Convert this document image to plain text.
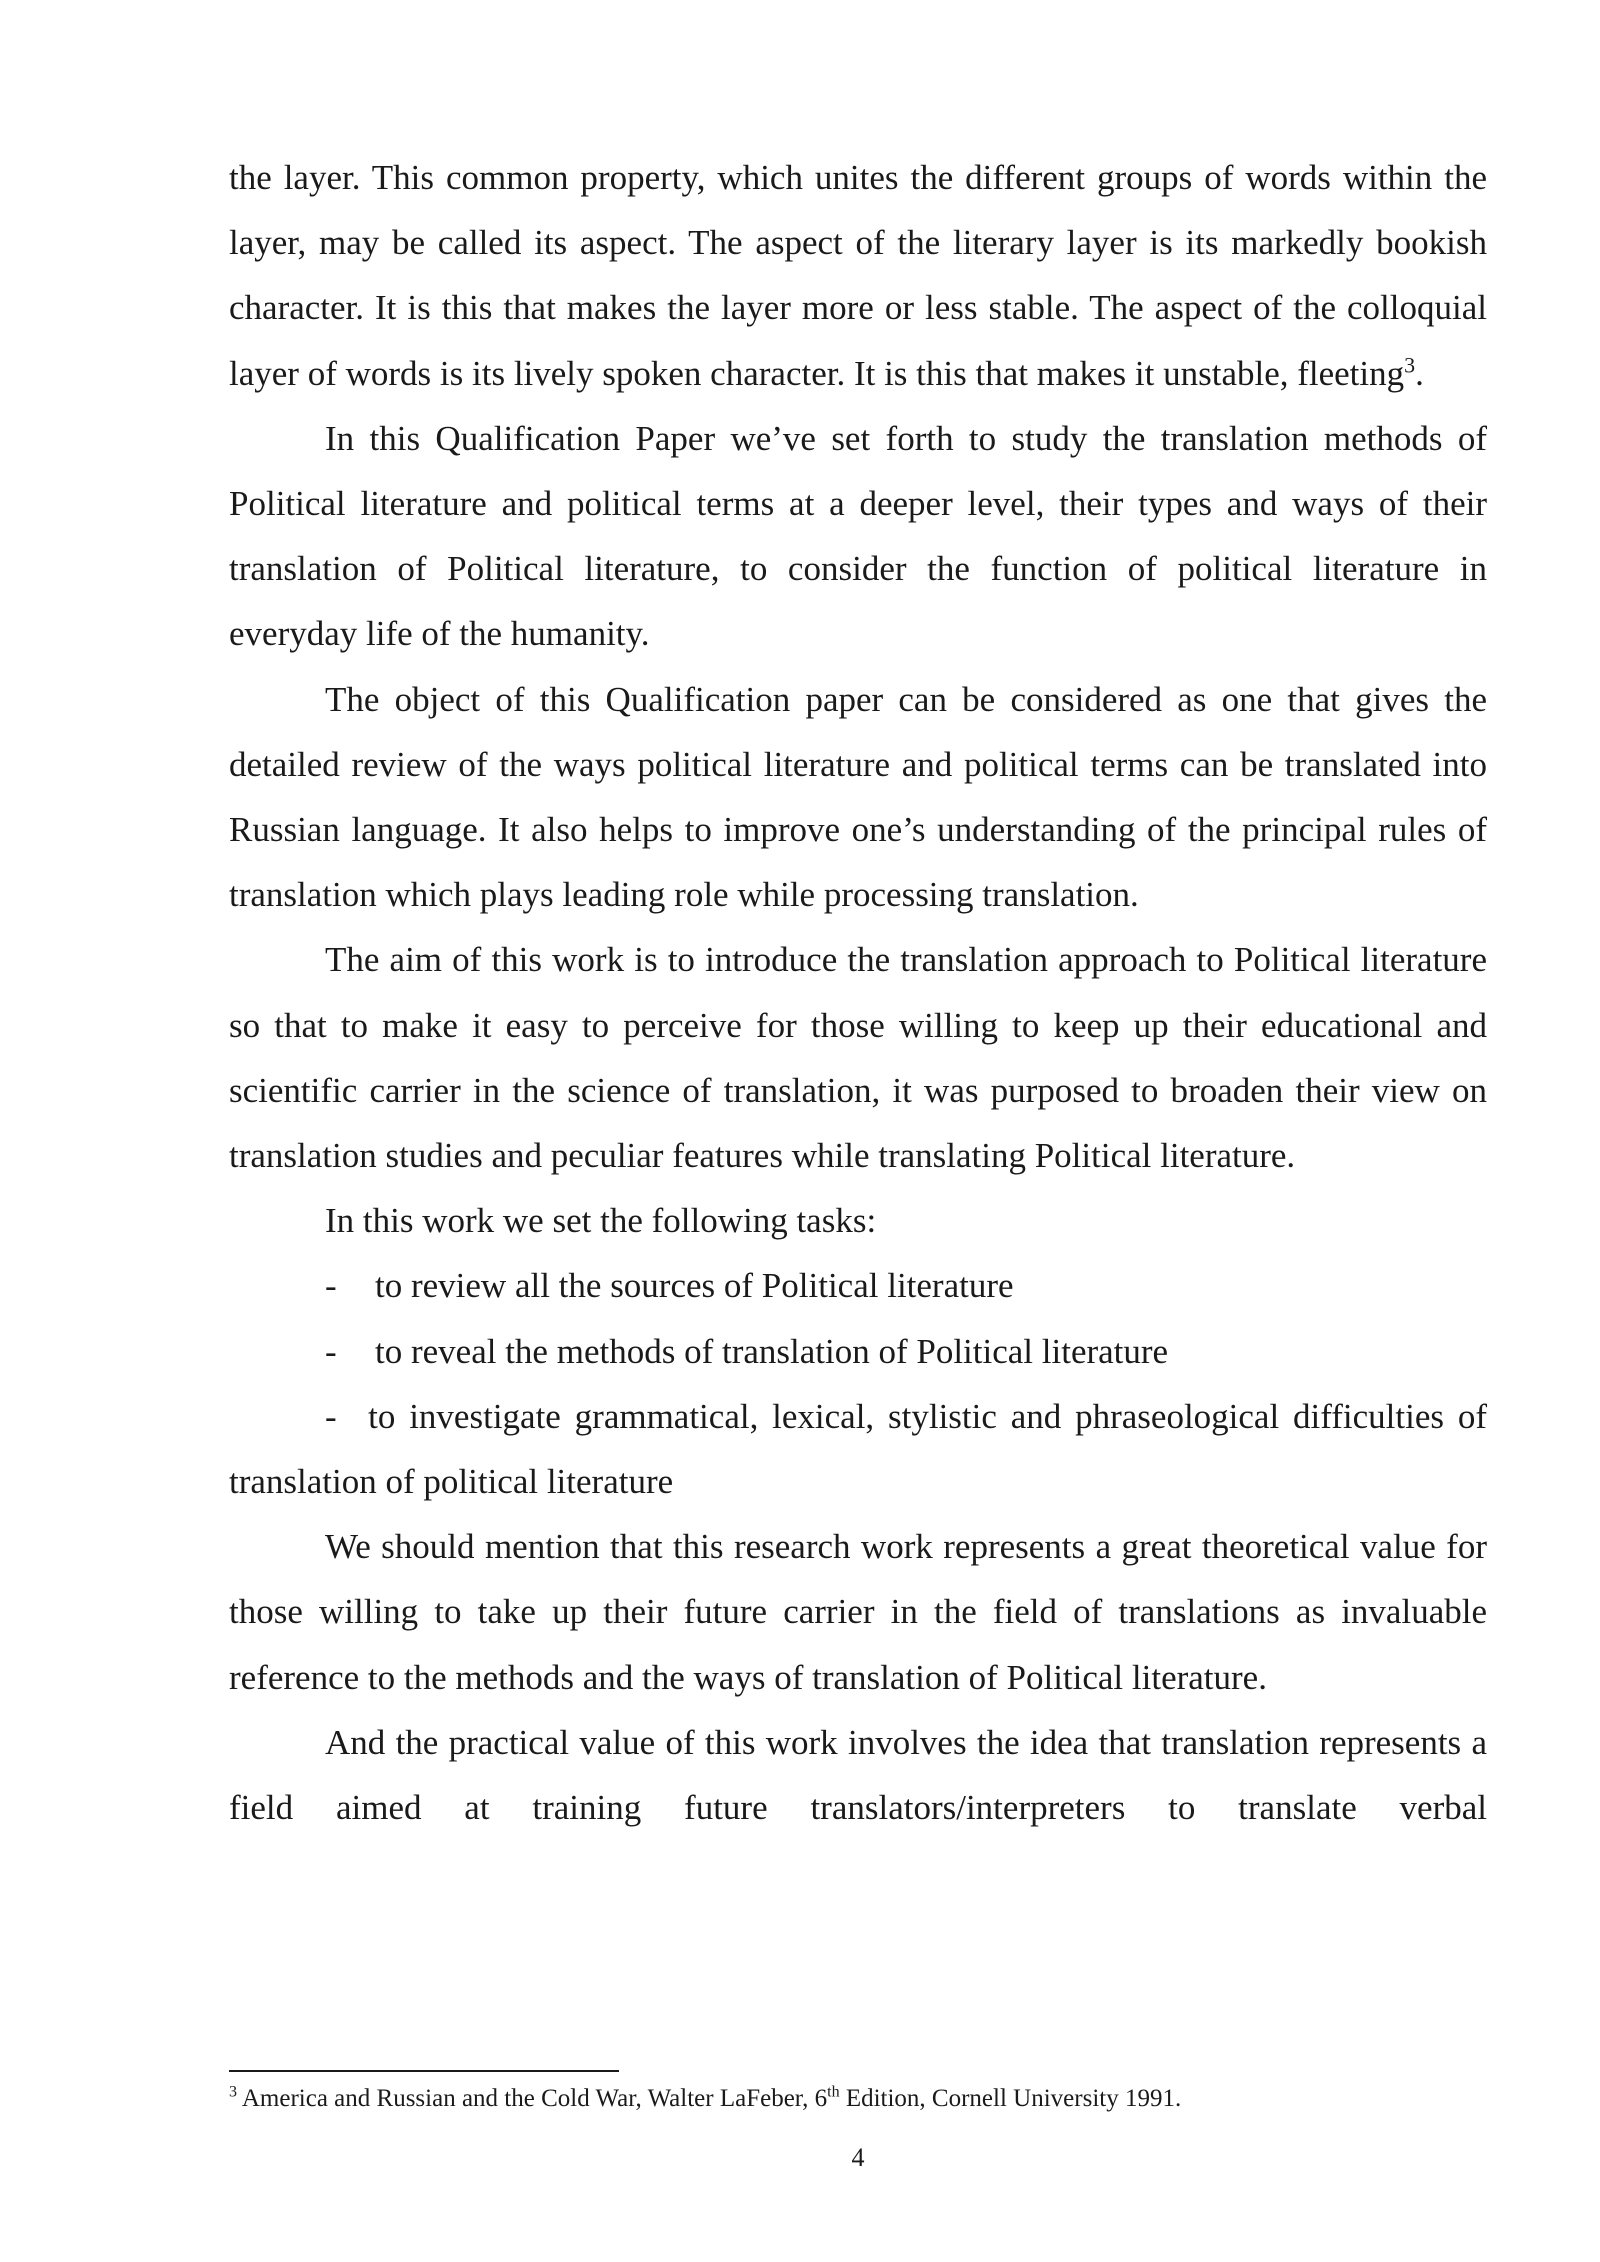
the layer. This common property, which unites the different groups of words within the layer, may be called its aspect. The aspect of the literary layer is its markedly bookish character. It is this that makes the layer more or less stable. The aspect of the colloquial layer of words is its lively spoken character. It is this that makes it unstable, fleeting$^3$.

In this Qualification Paper we’ve set forth to study the translation methods of Political literature and political terms at a deeper level, their types and ways of their translation of Political literature, to consider the function of political literature in everyday life of the humanity.

The object of this Qualification paper can be considered as one that gives the detailed review of the ways political literature and political terms can be translated into Russian language. It also helps to improve one’s understanding of the principal rules of translation which plays leading role while processing translation.

The aim of this work is to introduce the translation approach to Political literature so that to make it easy to perceive for those willing to keep up their educational and scientific carrier in the science of translation, it was purposed to broaden their view on translation studies and peculiar features while translating Political literature.

In this work we set the following tasks:

-	to review all the sources of Political literature
-	to reveal the methods of translation of Political literature
- to investigate grammatical, lexical, stylistic and phraseological difficulties of translation of political literature

We should mention that this research work represents a great theoretical value for those willing to take up their future carrier in the field of translations as invaluable reference to the methods and the ways of translation of Political literature.

And the practical value of this work involves the idea that translation represents a field aimed at training future translators/interpreters to translate verbal

$^3$ America and Russian and the Cold War, Walter LaFeber, 6th Edition, Cornell University 1991.
4
